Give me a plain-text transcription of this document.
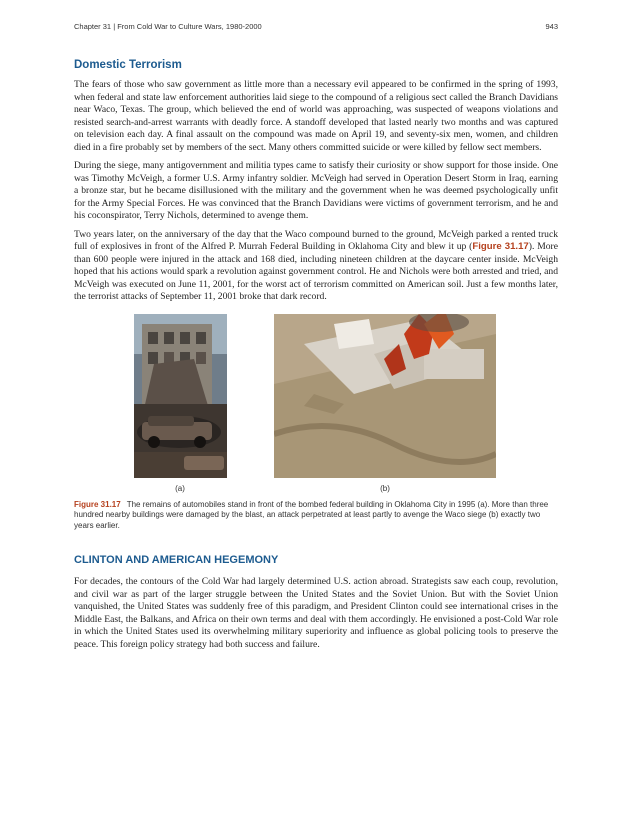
Chapter 31 | From Cold War to Culture Wars, 1980-2000	943
Domestic Terrorism

The fears of those who saw government as little more than a necessary evil appeared to be confirmed in the spring of 1993, when federal and state law enforcement authorities laid siege to the compound of a religious sect called the Branch Davidians near Waco, Texas. The group, which believed the end of world was approaching, was suspected of weapons violations and resisted search-and-arrest warrants with deadly force. A standoff developed that lasted nearly two months and was captured on television each day. A final assault on the compound was made on April 19, and seventy-six men, women, and children died in a fire probably set by members of the sect. Many others committed suicide or were killed by fellow sect members.

During the siege, many antigovernment and militia types came to satisfy their curiosity or show support for those inside. One was Timothy McVeigh, a former U.S. Army infantry soldier. McVeigh had served in Operation Desert Storm in Iraq, earning a bronze star, but he became disillusioned with the military and the government when he was deemed psychologically unfit for the Army Special Forces. He was convinced that the Branch Davidians were victims of government terrorism, and he and his coconspirator, Terry Nichols, determined to avenge them.

Two years later, on the anniversary of the day that the Waco compound burned to the ground, McVeigh parked a rented truck full of explosives in front of the Alfred P. Murrah Federal Building in Oklahoma City and blew it up (Figure 31.17). More than 600 people were injured in the attack and 168 died, including nineteen children at the daycare center inside. McVeigh hoped that his actions would spark a revolution against government control. He and Nichols were both arrested and tried, and McVeigh was executed on June 11, 2001, for the worst act of terrorism committed on American soil. Just a few months later, the terrorist attacks of September 11, 2001 broke that dark record.

(a)	(b)

Figure 31.17 The remains of automobiles stand in front of the bombed federal building in Oklahoma City in 1995 (a). More than three hundred nearby buildings were damaged by the blast, an attack perpetrated at least partly to avenge the Waco siege (b) exactly two years earlier.

CLINTON AND AMERICAN HEGEMONY

For decades, the contours of the Cold War had largely determined U.S. action abroad. Strategists saw each coup, revolution, and civil war as part of the larger struggle between the United States and the Soviet Union. But with the Soviet Union vanquished, the United States was suddenly free of this paradigm, and President Clinton could see international crises in the Middle East, the Balkans, and Africa on their own terms and deal with them accordingly. He envisioned a post-Cold War role in which the United States used its overwhelming military superiority and influence as global policing tools to preserve the peace. This foreign policy strategy had both success and failure.
